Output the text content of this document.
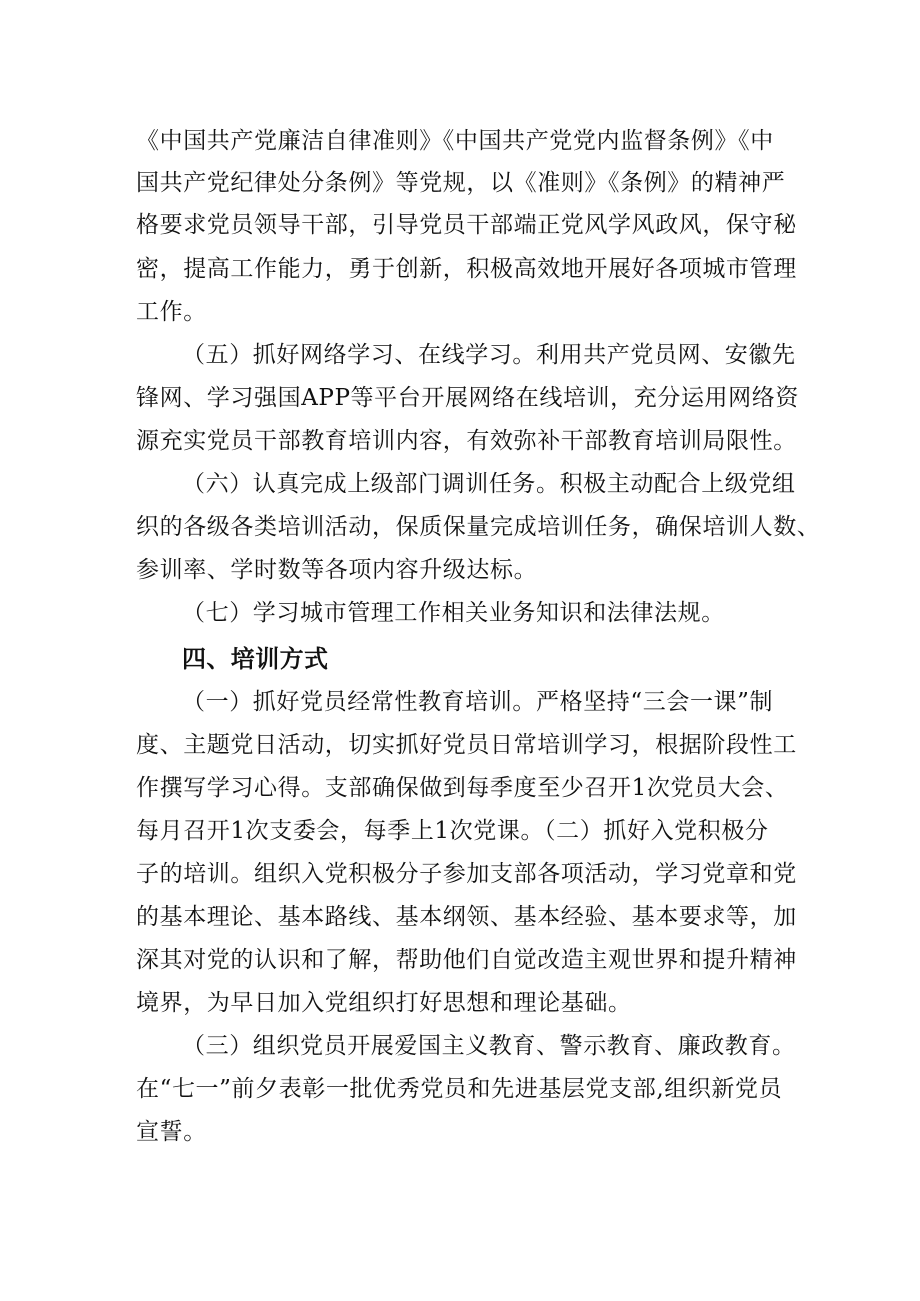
《中国共产党廉洁自律准则》《中国共产党党内监督条例》《中
国共产党纪律处分条例》等党规，以《准则》《条例》的精神严
格要求党员领导干部，引导党员干部端正党风学风政风，保守秘
密，提高工作能力，勇于创新，积极高效地开展好各项城市管理
工作。
（五）抓好网络学习、在线学习。利用共产党员网、安徽先
锋网、学习强国APP等平台开展网络在线培训，充分运用网络资
源充实党员干部教育培训内容，有效弥补干部教育培训局限性。
（六）认真完成上级部门调训任务。积极主动配合上级党组
织的各级各类培训活动，保质保量完成培训任务，确保培训人数、
参训率、学时数等各项内容升级达标。
（七）学习城市管理工作相关业务知识和法律法规。
四、培训方式
（一）抓好党员经常性教育培训。严格坚持“三会一课”制
度、主题党日活动，切实抓好党员日常培训学习，根据阶段性工
作撰写学习心得。支部确保做到每季度至少召开1次党员大会、
每月召开1次支委会，每季上1次党课。（二）抓好入党积极分
子的培训。组织入党积极分子参加支部各项活动，学习党章和党
的基本理论、基本路线、基本纲领、基本经验、基本要求等，加
深其对党的认识和了解，帮助他们自觉改造主观世界和提升精神
境界，为早日加入党组织打好思想和理论基础。
（三）组织党员开展爱国主义教育、警示教育、廉政教育。
在“七一”前夕表彰一批优秀党员和先进基层党支部,组织新党员
宣誓。
